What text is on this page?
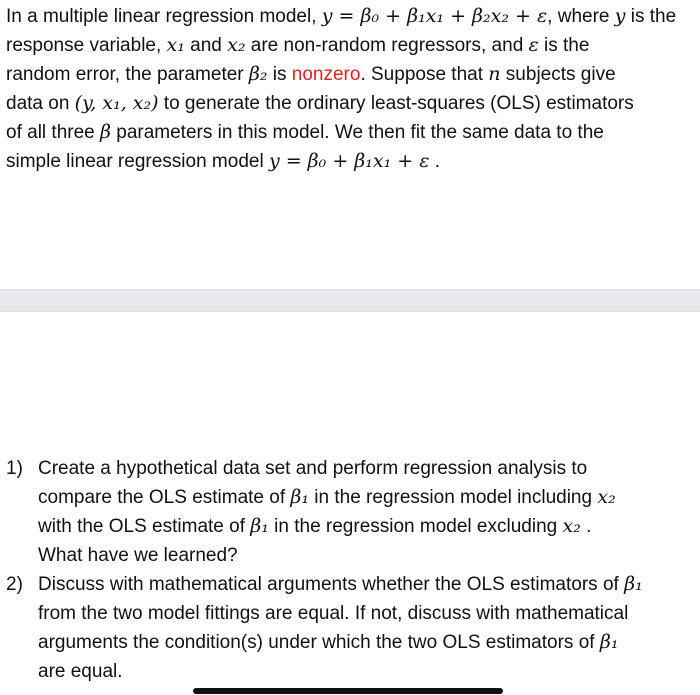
In a multiple linear regression model, y = β₀ + β₁x₁ + β₂x₂ + ε, where y is the
response variable, x₁ and x₂ are non-random regressors, and ε is the
random error, the parameter β₂ is nonzero. Suppose that n subjects give
data on (y, x₁, x₂) to generate the ordinary least-squares (OLS) estimators
of all three β parameters in this model. We then fit the same data to the
simple linear regression model y = β₀ + β₁x₁ + ε .
1) Create a hypothetical data set and perform regression analysis to
compare the OLS estimate of β₁ in the regression model including x₂
with the OLS estimate of β₁ in the regression model excluding x₂ .
What have we learned?
2) Discuss with mathematical arguments whether the OLS estimators of β₁
from the two model fittings are equal. If not, discuss with mathematical
arguments the condition(s) under which the two OLS estimators of β₁
are equal.
